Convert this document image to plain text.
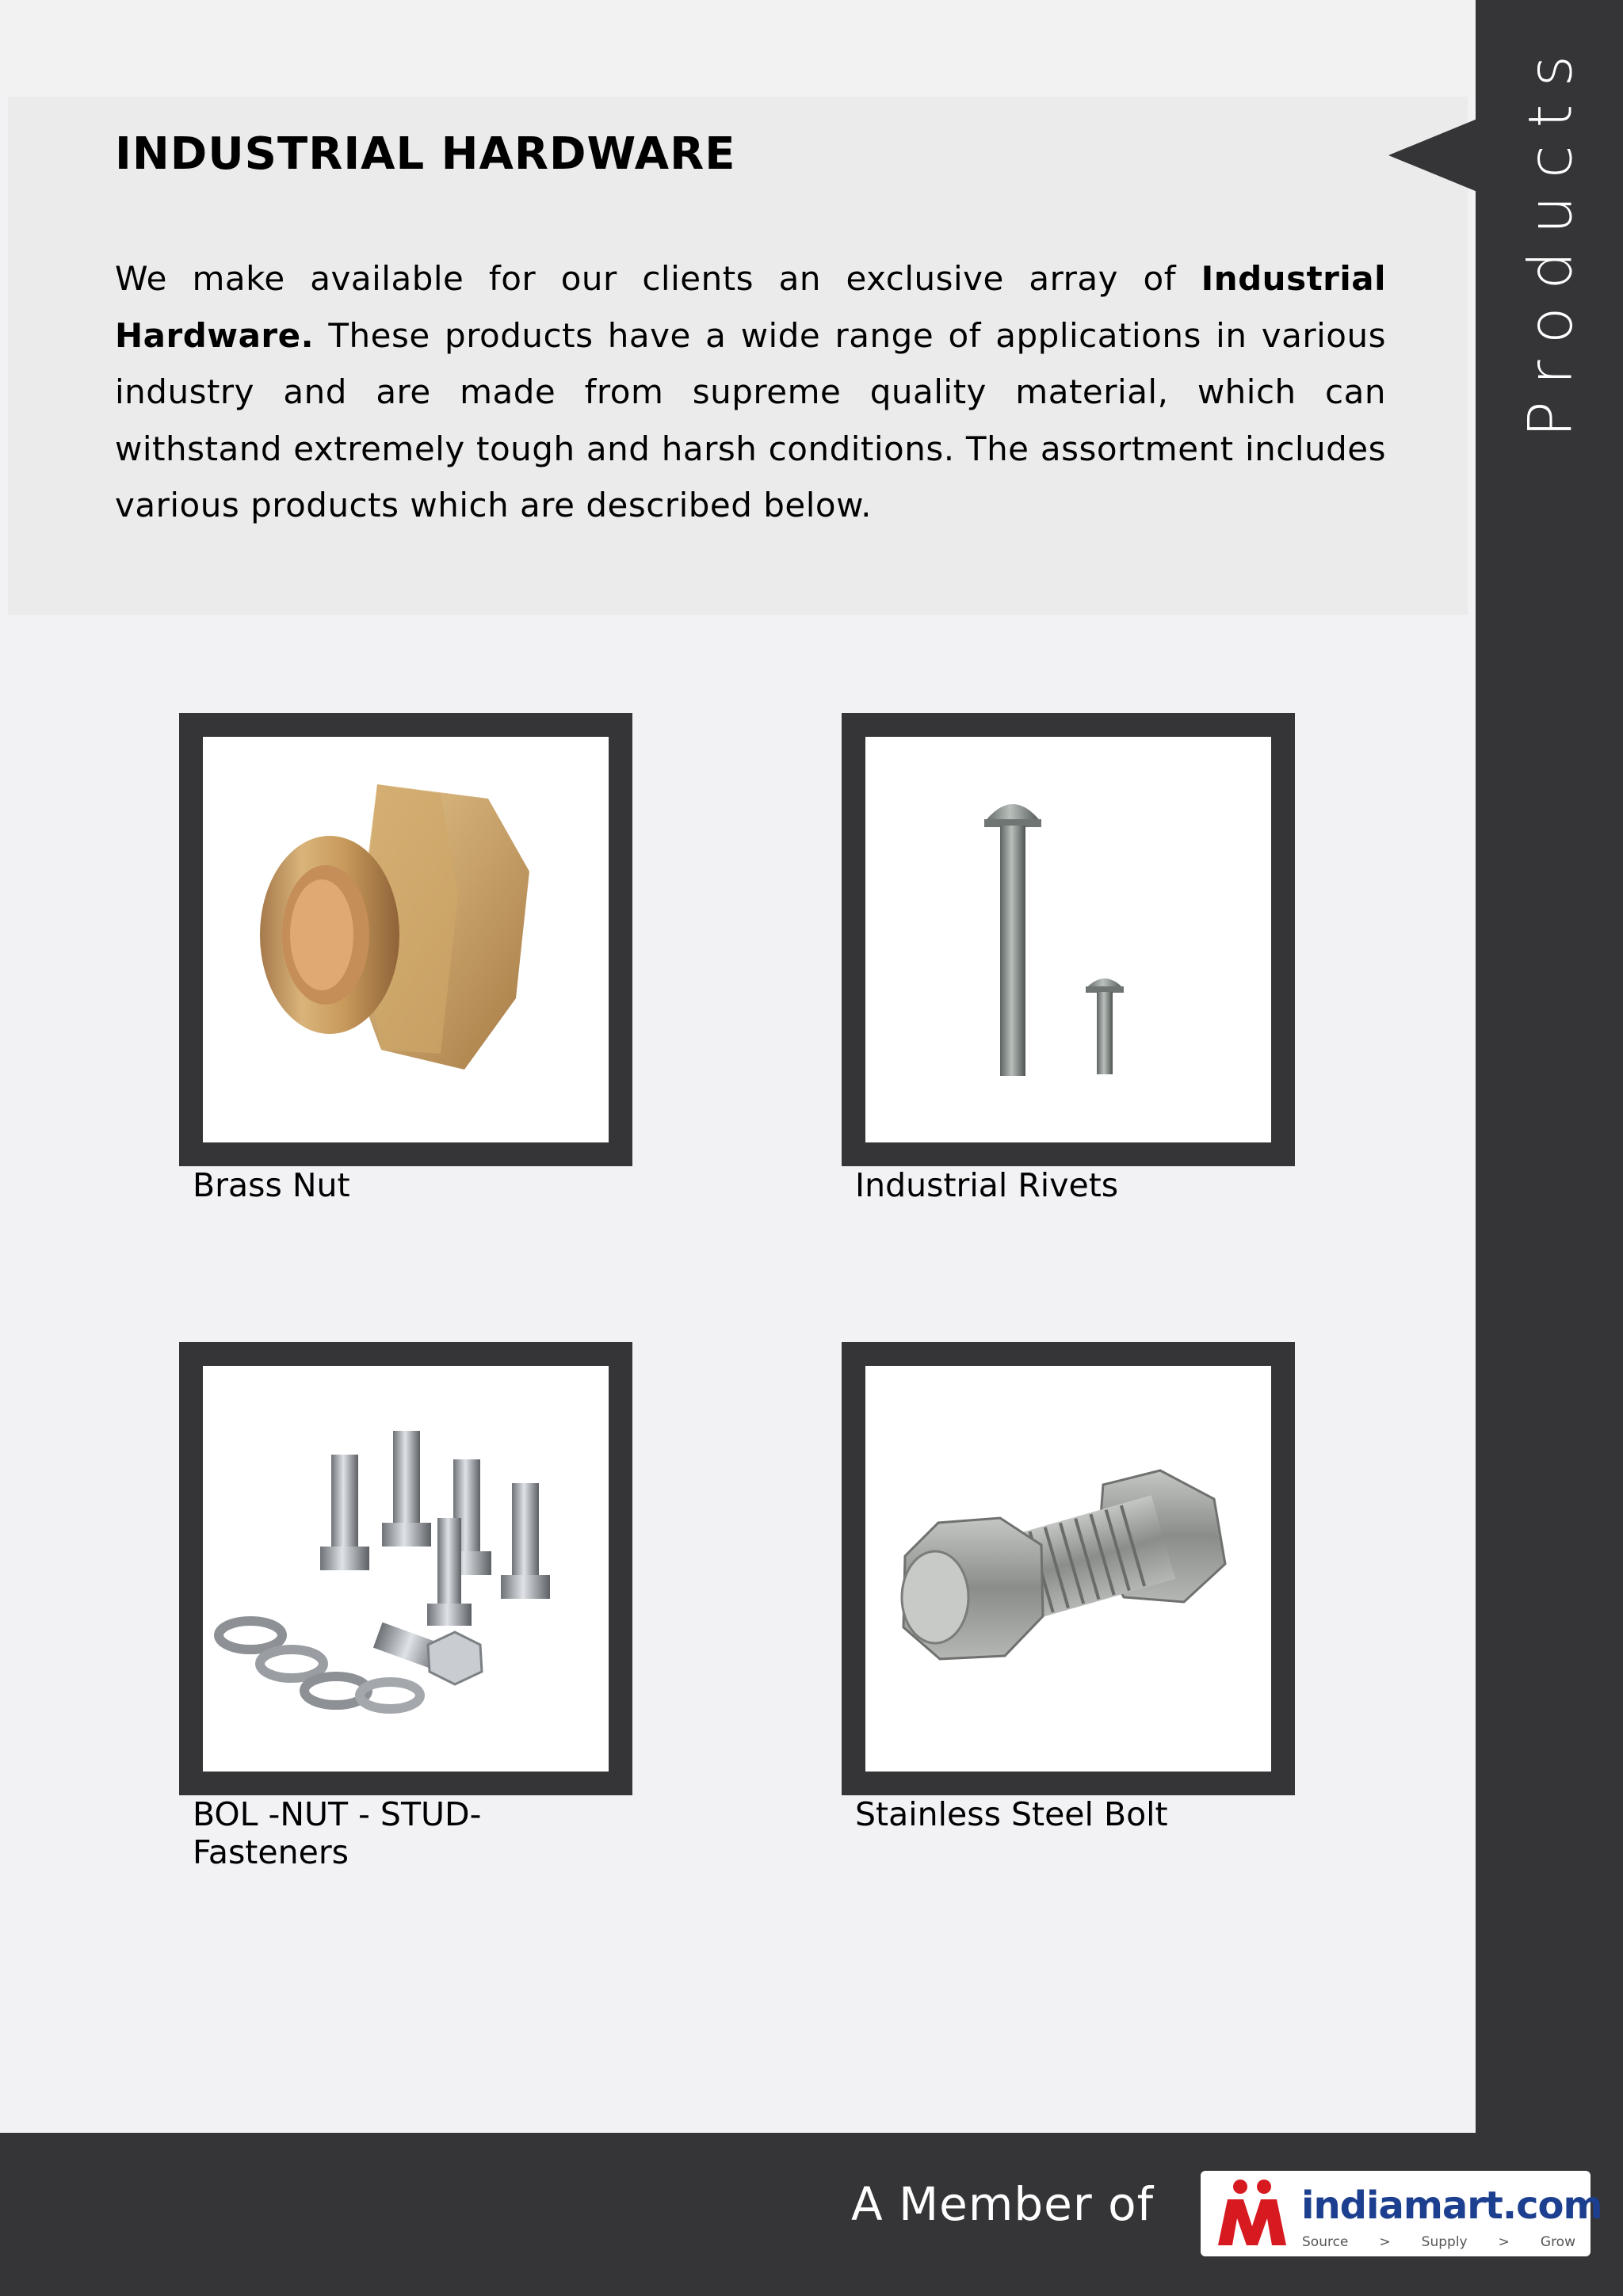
INDUSTRIAL HARDWARE

We make available for our clients an exclusive array of Industrial Hardware. These products have a wide range of applications in various industry and are made from supreme quality material, which can withstand extremely tough and harsh conditions. The assortment includes various products which are described below.

Products
Brass Nut	Industrial Rivets
BOL -NUT - STUD-
Fasteners
Stainless Steel Bolt
A Member of	indiamart.com
Source > Supply > Grow
